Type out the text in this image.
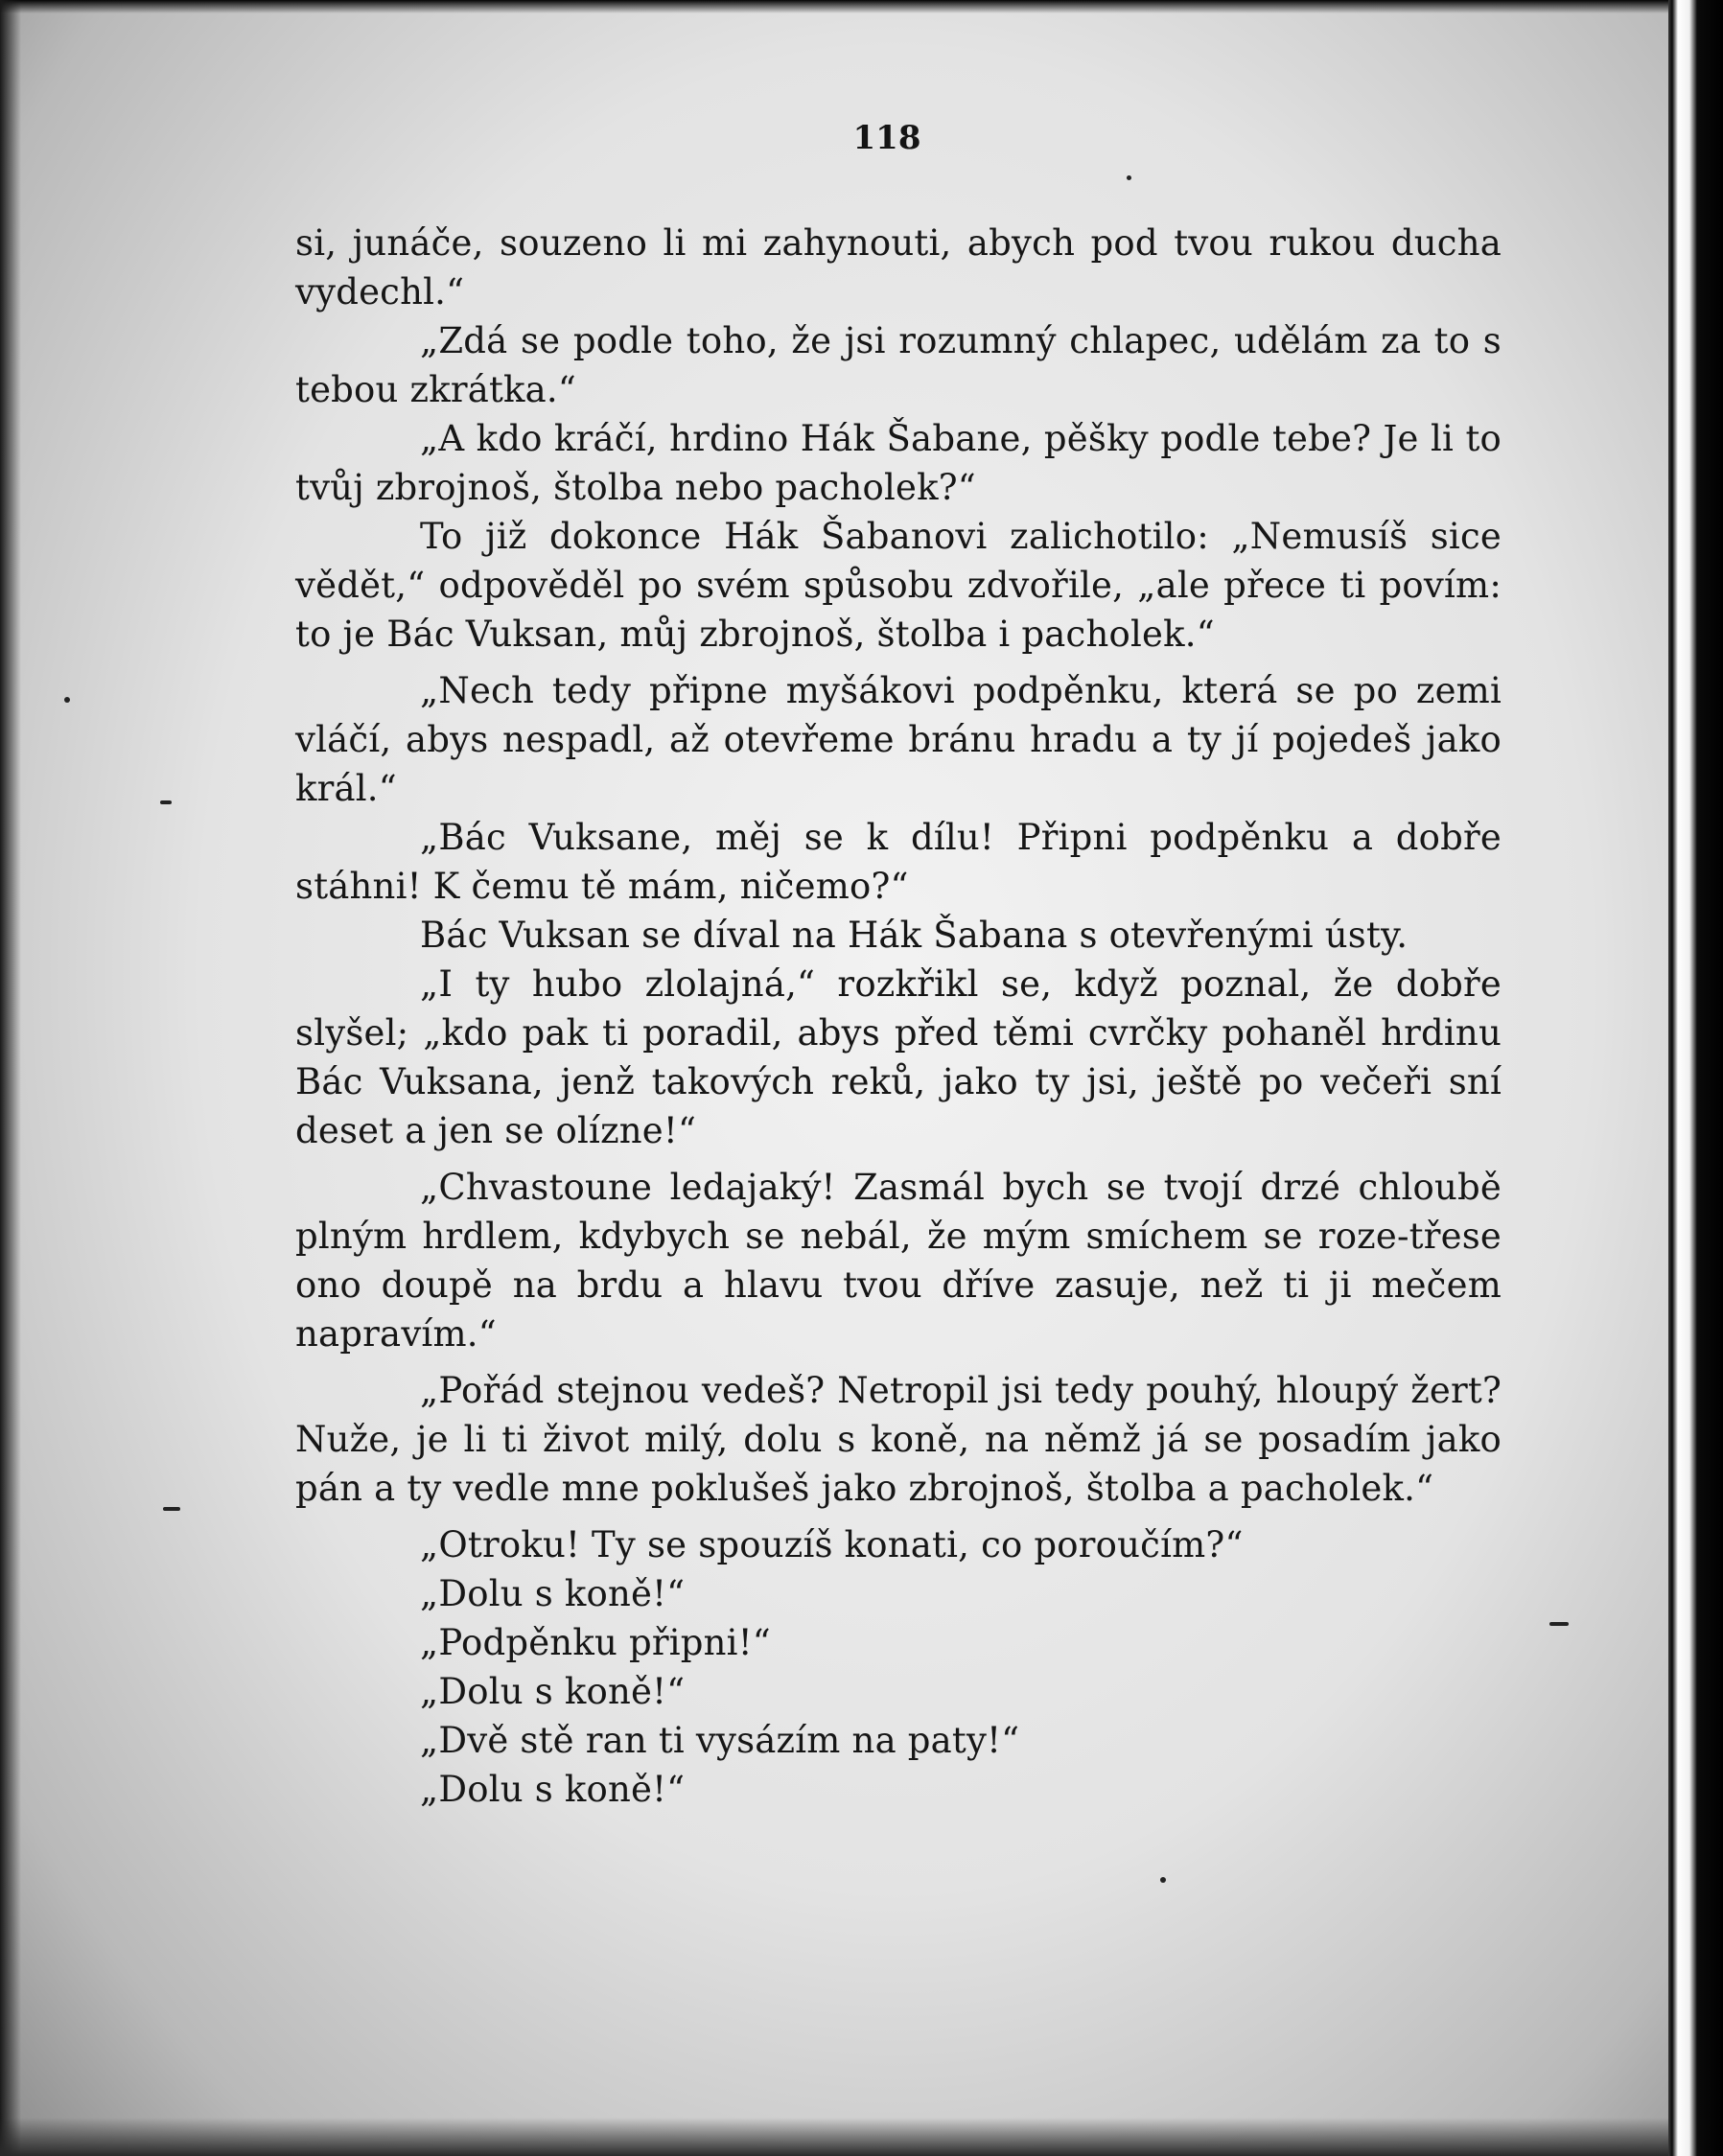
118

si, junáče, souzeno li mi zahynouti, abych pod tvou rukou ducha vydechl.“

„Zdá se podle toho, že jsi rozumný chlapec, udělám za to s tebou zkrátka.“

„A kdo kráčí, hrdino Hák Šabane, pěšky podle tebe? Je li to tvůj zbrojnoš, štolba nebo pacholek?“

To již dokonce Hák Šabanovi zalichotilo: „Nemusíš sice vědět,“ odpověděl po svém spůsobu zdvořile, „ale přece ti povím: to je Bác Vuksan, můj zbrojnoš, štolba i pacholek.“

„Nech tedy připne myšákovi podpěnku, která se po zemi vláčí, abys nespadl, až otevřeme bránu hradu a ty jí pojedeš jako král.“

„Bác Vuksane, měj se k dílu! Připni podpěnku a dobře stáhni! K čemu tě mám, ničemo?“

Bác Vuksan se díval na Hák Šabana s otevřenými ústy.

„I ty hubo zlolajná,“ rozkřikl se, když poznal, že dobře slyšel; „kdo pak ti poradil, abys před těmi cvrčky pohaněl hrdinu Bác Vuksana, jenž takových reků, jako ty jsi, ještě po večeři sní deset a jen se olízne!“

„Chvastoune ledajaký! Zasmál bych se tvojí drzé chloubě plným hrdlem, kdybych se nebál, že mým smíchem se roze-třese ono doupě na brdu a hlavu tvou dříve zasuje, než ti ji mečem napravím.“

„Pořád stejnou vedeš? Netropil jsi tedy pouhý, hloupý žert? Nuže, je li ti život milý, dolu s koně, na němž já se posadím jako pán a ty vedle mne poklušeš jako zbrojnoš, štolba a pacholek.“

„Otroku! Ty se spouzíš konati, co poroučím?“

„Dolu s koně!“

„Podpěnku připni!“

„Dolu s koně!“

„Dvě stě ran ti vysázím na paty!“

„Dolu s koně!“
